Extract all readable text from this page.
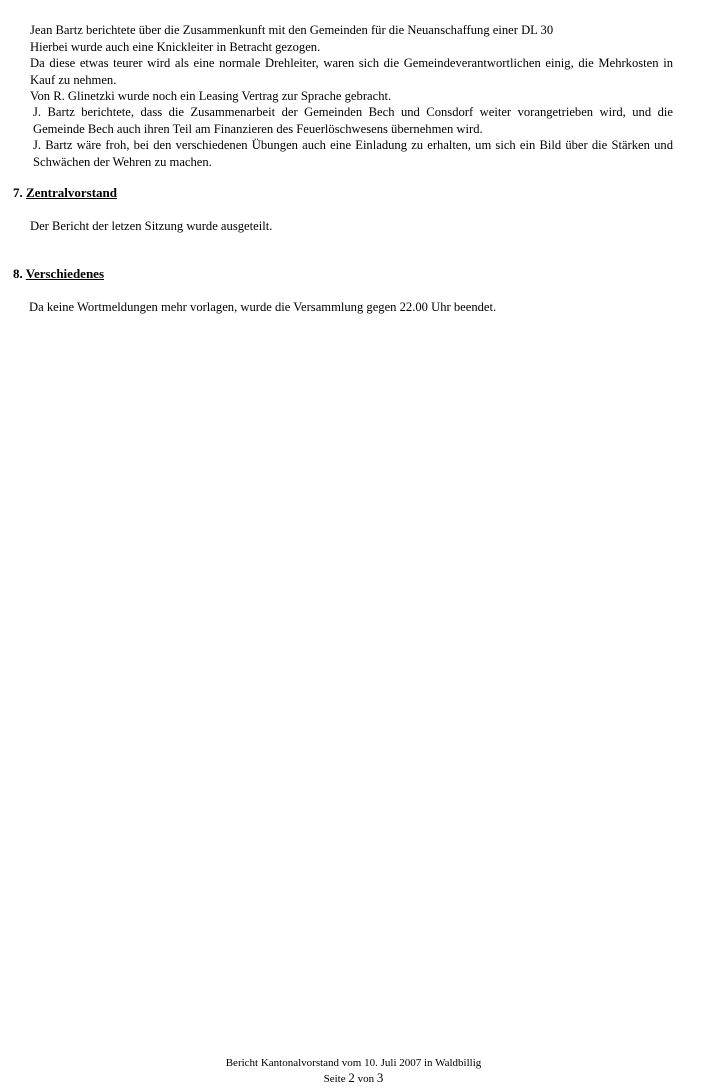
Jean Bartz berichtete über die Zusammenkunft mit den Gemeinden für die Neuanschaffung einer DL 30
Hierbei wurde auch eine Knickleiter in Betracht gezogen.

Da diese etwas teurer wird als eine normale Drehleiter, waren sich die Gemeindeverantwortlichen einig, die Mehrkosten in Kauf zu nehmen.

Von R. Glinetzki wurde noch ein Leasing Vertrag zur Sprache gebracht.

J. Bartz berichtete, dass die Zusammenarbeit der Gemeinden Bech und Consdorf weiter vorangetrieben wird, und die Gemeinde Bech auch ihren Teil am Finanzieren des Feuerlöschwesens übernehmen wird.

J. Bartz wäre froh, bei den verschiedenen Übungen auch eine Einladung zu erhalten, um sich ein Bild über die Stärken und Schwächen der Wehren zu machen.

7. Zentralvorstand

Der Bericht der letzen Sitzung wurde ausgeteilt.

8. Verschiedenes

Da keine Wortmeldungen mehr vorlagen, wurde die Versammlung gegen 22.00 Uhr beendet.

Bericht Kantonalvorstand vom 10. Juli 2007 in Waldbillig
Seite 2 von 3
